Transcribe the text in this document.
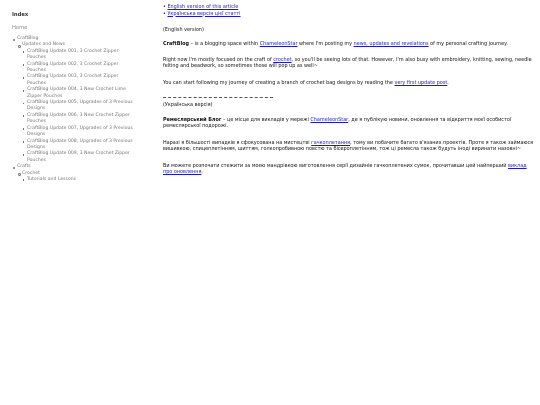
Index
Home
CraftBlog
Updates and News
CraftBlog Update 001, 3 Crochet Zipper Pouches
CraftBlog Update 002, 3 Crochet Zipper Pouches
CraftBlog Update 003, 3 Crochet Zipper Pouches
CraftBlog Update 004, 3 New Crochet Lime Zipper Pouches
CraftBlog Update 005, Upgrades of 3 Previous Designs
CraftBlog Update 006, 3 New Crochet Zipper Pouches
CraftBlog Update 007, Upgrades of 3 Previous Designs
CraftBlog Update 008, Upgrades of 3 Previous Designs
CraftBlog Update 009, 3 New Crochet Zipper Pouches
Crafts
Crochet
Tutorials and Lessons

• English version of this article

• Українська версія цієї статті

(English version)

CraftBlog – is a blogging space within ChameleonStar where I'm posting my news, updates and revelations of my personal crafting journey.

Right now I'm mostly focused on the craft of crochet, so you'll be seeing lots of that. However, I'm also busy with embroidery, knitting, sewing, needle felting and beadwork, so sometimes those will pop up as well~

You can start following my journey of creating a branch of crochet bag designs by reading the very first update post.

(Українська версія)

Ремеслярський Блог – це місце для викладів у мережі ChameleonStar, де я публікую новини, оновлення та відкриття моєї особистої ремеслярської подорожі.

Наразі я більшості випадків я сфокусована на мистецтві гачкоплетання, тому ви побачите багато в'язаних проектів. Проте я також займаюся вишивкою, спицеплетінням, шиттям, голкопробивною повстю та бісероплетінням, тож ці ремесла також будуть іноді виринати назовні~

Ви можете розпочати стежити за моєю мандрівкою виготовлення серії дизайнів гачкоплетених сумок, прочитавши цей найперший виклад про оновлення.
